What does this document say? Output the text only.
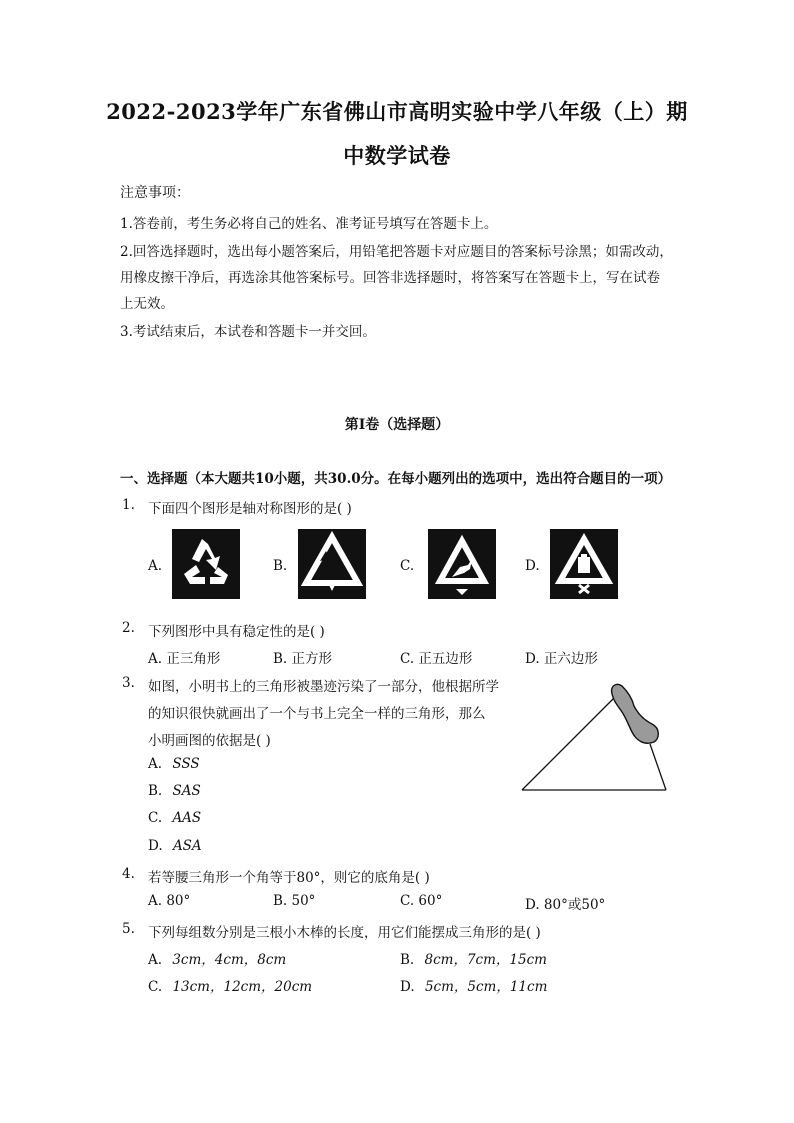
2022-2023学年广东省佛山市高明实验中学八年级（上）期
中数学试卷
注意事项：
1.答卷前，考生务必将自己的姓名、准考证号填写在答题卡上。
2.回答选择题时，选出每小题答案后，用铅笔把答题卡对应题目的答案标号涂黑；如需改动，
用橡皮擦干净后，再选涂其他答案标号。回答非选择题时，将答案写在答题卡上，写在试卷
上无效。
3.考试结束后，本试卷和答题卡一并交回。
第Ⅰ卷（选择题）
一、选择题（本大题共10小题，共30.0分。在每小题列出的选项中，选出符合题目的一项）
1. 下面四个图形是轴对称图形的是( )
A.	B.	C.	D.
2. 下列图形中具有稳定性的是( )
A. 正三角形	B. 正方形	C. 正五边形	D. 正六边形
3. 如图，小明书上的三角形被墨迹污染了一部分，他根据所学
的知识很快就画出了一个与书上完全一样的三角形，那么
小明画图的依据是( )
A. SSS
B. SAS
C. AAS
D. ASA
4. 若等腰三角形一个角等于80°，则它的底角是( )
A. 80°	B. 50°	C. 60°	D. 80°或50°
5. 下列每组数分别是三根小木棒的长度，用它们能摆成三角形的是( )
A. 3cm，4cm，8cm	B. 8cm，7cm，15cm
C. 13cm，12cm，20cm	D. 5cm，5cm，11cm
